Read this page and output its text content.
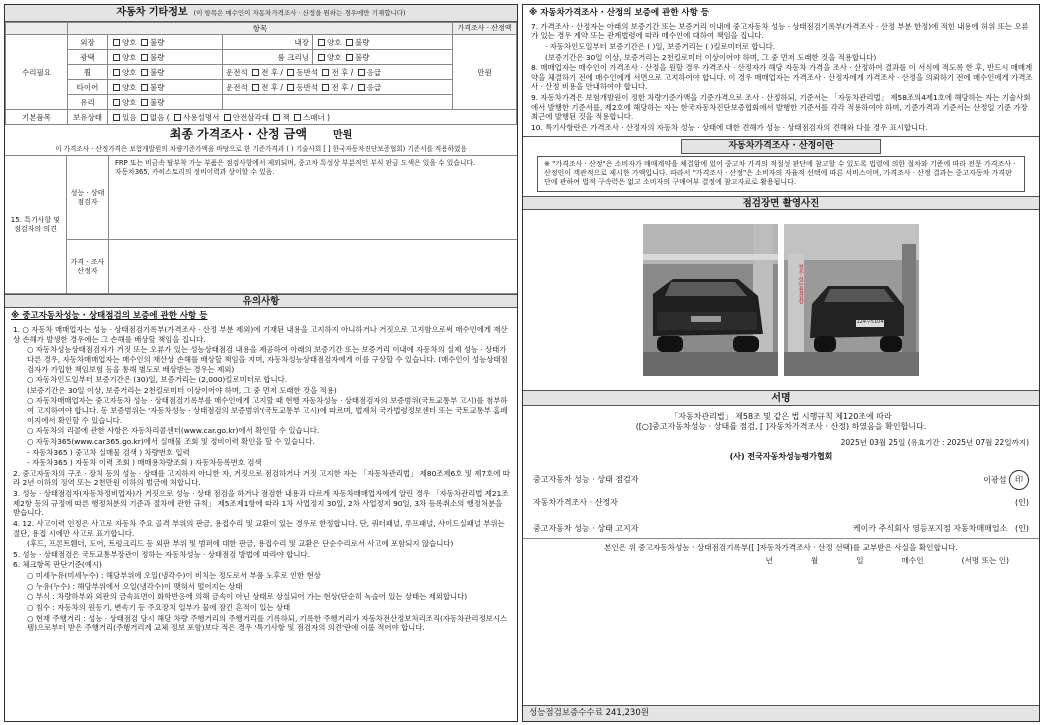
자동차 기타정보 (이 항목은 매수인이 자동차가격조사 · 산정을 원하는 경우에만 기재합니다)
	항목				가격조사 · 산정액
수리필요	외장	양호 불량	내장	양호 불량	만원
	광택	양호 불량	룸 크리닝	양호 불량	
	휠	양호 불량	운전석 전 후 / 동반석 전 후 / 응급		
	타이어	양호 불량	운전석 전 후 / 동반석 전 후 / 응급		
	유리	양호 불량			
기본품목	보유상태	있음 없음 ( 사용설명서 안전삼각대 잭 스패너 )			
최종 가격조사 · 산정 금액	만원
이 가격조사 · 산정가격은 보험개발원의 차량기준가액을 바탕으로 한 기준가격과 ( ) 기술사회 [ ] 한국자동차진단보증협회) 기준서를 적용하였음
15. 특기사항 및 점검자의 의견
성능 · 상태 점검자
FRP 또는 비금속 탈부착 가능 부품은 점검사항에서 제외되며, 중고차 특성상 부분적인 부식 판금 도색은 있을 수 있습니다.
자동차365, 카히스토리의 정비이력과 상이할 수 있음.
가격 · 조사 산정자
유의사항
※ 중고자동차성능 · 상태점검의 보증에 관한 사항 등
1. ○ 자동차 매매업자는 성능 · 상태점검기록부(가격조사 · 산정 부분 제외)에 기재된 내용을 고지하지 아니하거나 거짓으로 고지함으로써 매수인에게 재산상 손해가 발생한 경우에는 그 손해를 배상할 책임을 집니다.
○ 자동차성능상태점검자가 거짓 또는 오류가 있는 성능상태점검 내용을 제공하여 아래의 보증기간 또는 보증거리 이내에 자동차의 실제 성능 · 상태가 다른 경우, 자동차매매업자는 매수인의 재산상 손해를 배상할 책임을 지며, 자동차성능상태점검자에게 이를 구상할 수 있습니다. (매수인이 성능상태점검자가 가입한 책임보험 등을 통해 별도로 배상받는 경우는 제외)
○ 자동차인도일부터 보증기간은 (30)일, 보증거리는 (2,000)킬로미터로 합니다.
(보증기간은 30일 이상, 보증거리는 2천킬로미터 이상이어야 하며, 그 중 먼저 도래한 것을 적용)
○ 자동차매매업자는 중고자동차 성능 · 상태점검기록부를 매수인에게 고지할 때 현행 자동차성능 · 상태점검자의 보증범위(국토교통부 고시)를 첨부하여 고지하여야 합니다. 동 보증범위는 '자동차성능 · 상태점검의 보증범위'(국토교통부 고시)에 따르며, 법제처 국가법령정보센터 또는 국토교통부 홈페이지에서 확인할 수 있습니다.
○ 자동차의 리콜에 관한 사항은 자동차리콜센터(www.car.go.kr)에서 확인할 수 있습니다.
○ 자동차365(www.car365.go.kr)에서 실매물 조회 및 정비이력 확인을 할 수 있습니다.
- 자동차365 ) 중고차 실매물 검색 ) 차량번호 입력
- 자동차365 ) 자동차 이력 조회 ) 매매용차량조회 ) 자동차등록번호 검색
2. 중고자동차의 구조 · 장치 등의 성능 · 상태를 고지하지 아니한 자, 거짓으로 점검하거나 거짓 고지한 자는 「자동차관리법」 제80조제6호 및 제7호에 따라 2년 이하의 징역 또는 2천만원 이하의 벌금에 처합니다.
3. 성능 · 상태점검자(자동차정비업자)가 거짓으로 성능 · 상태 점검을 하거나 점검한 내용과 다르게 자동차매매업자에게 알린 경우 「자동차관리법 제21조제2항 등의 규정에 따른 행정처분의 기준과 절차에 관한 규칙」 제5조제1항에 따라 1차 사업정지 30일, 2차 사업정지 90일, 3차 등록취소의 행정처분을 받습니다.
4. 12. 사고이력 인정은 사고로 자동차 주요 골격 부위의 판금, 용접수리 및 교환이 있는 경우로 한정합니다. 단, 쿼터패널, 루프패널, 사이드실패널 부위는 절단, 용접 시에만 사고로 표기합니다.
(후드, 프론트휀더, 도어, 트렁크리드 등 외판 부위 및 범퍼에 대한 판금, 용접수리 및 교환은 단순수리로서 사고에 포함되지 않습니다)
5. 성능 · 상태점검은 국토교통부장관이 정하는 자동차성능 · 상태점검 방법에 따라야 합니다.
6. 체크항목 판단기준(예시)
○ 미세누유(미세누수) : 해당부위에 오일(냉각수)이 비치는 정도로서 부품 노후로 인한 현상
○ 누유(누수) : 해당부위에서 오일(냉각수)이 맺혀서 떨어지는 상태
○ 부식 : 차량하부와 외판의 금속표면이 화학반응에 의해 금속이 아닌 상태로 상실되어 가는 현상(단순히 녹슬어 있는 상태는 제외합니다)
○ 침수 : 자동차의 원동기, 변속기 등 주요장치 일부가 물에 잠긴 흔적이 있는 상태
○ 현재 주행거리 : 성능 · 상태점검 당시 해당 차량 주행거리의 주행거리를 기록하되, 기록한 주행거리가 자동차전산정보처리조직(자동차관리정보시스템)으로부터 받은 주행거리(주행거리계 교체 정보 포함)보다 적은 경우 '특기사항 및 점검자의 의견'란에 이를 적어야 합니다.
※ 자동차가격조사 · 산정의 보증에 관한 사항 등
7. 가격조사 · 산정자는 아래의 보증기간 또는 보증거리 이내에 중고자동차 성능 · 상태점검기록부(가격조사 · 산정 부분 한정)에 적힌 내용에 허위 또는 오류가 있는 경우 계약 또는 관계법령에 따라 매수인에 대하여 책임을 집니다.
· 자동차인도일부터 보증기간은 ( )일, 보증거리는 ( )킬로미터로 합니다.
(보증기간은 30일 이상, 보증거리는 2천킬로미터 이상이어야 하며, 그 중 먼저 도래한 것을 적용합니다)
8. 매매업자는 매수인이 가격조사 · 산정을 원할 경우 가격조사 · 산정자가 해당 자동차 가격을 조사 · 산정하여 결과를 이 서식에 적도록 한 후, 반드시 매매계약을 체결하기 전에 매수인에게 서면으로 고지하여야 합니다. 이 경우 매매업자는 가격조사 · 산정자에게 가격조사 · 산정을 의뢰하기 전에 매수인에게 가격조사 · 산정 비용을 안내하여야 합니다.
9. 자동차가격은 보험개발원이 정한 차량기준가액을 기준가격으로 조사 · 산정하되, 기준서는 「자동차관리법」 제58조의4제1호에 해당하는 자는 기술사회에서 발행한 기준서를, 제2호에 해당하는 자는 한국자동차진단보증협회에서 발행한 기준서를 각각 적용하여야 하며, 기준가격과 기준서는 산정일 기준 가장 최근에 발행된 것을 적용합니다.
10. 특기사항란은 가격조사 · 산정자의 자동차 성능 · 상태에 대한 견해가 성능 · 상태점검자의 견해와 다를 경우 표시합니다.
자동차가격조사 · 산정이란
※ "가격조사 · 산정"은 소비자가 매매계약을 체결함에 있어 중고차 가격의 적절성 판단에 참고할 수 있도록 법령에 의한 절차와 기준에 따라 전문 가격조사 · 산정인이 객관적으로 제시한 가액입니다. 따라서 "가격조사 · 산정"은 소비자의 자율적 선택에 따른 서비스이며, 가격조사 · 산정 결과는 중고자동차 가격판단에 관하여 법적 구속력은 없고 소비자의 구매여부 결정에 참고자료로 활용됩니다.
점검장면 촬영사진
124수5104
청우 성능점검장
서명
「자동차관리법」 제58조 및 같은 법 시행규칙 제120조에 따라
([○]중고자동차성능 · 상태를 점검, [ ]자동차가격조사 · 산정) 하였음을 확인합니다.
2025년 03월 25일 (유효기간 : 2025년 07월 22일까지)
(사) 전국자동차성능평가협회
중고자동차 성능 · 상태 점검자	이광섭 印
자동차가격조사 · 산정자	(인)
중고자동차 성능 · 상태 고지자	케이카 주식회사 영등포지점 자동차매매업소 (인)
본인은 위 중고자동차성능 · 상태점검기록부([ ]자동차가격조사 · 산정 선택)를 교부받은 사실을 확인합니다.
년	월	일	매수인	(서명 또는 인)
성능점검보증수수료 241,230원
